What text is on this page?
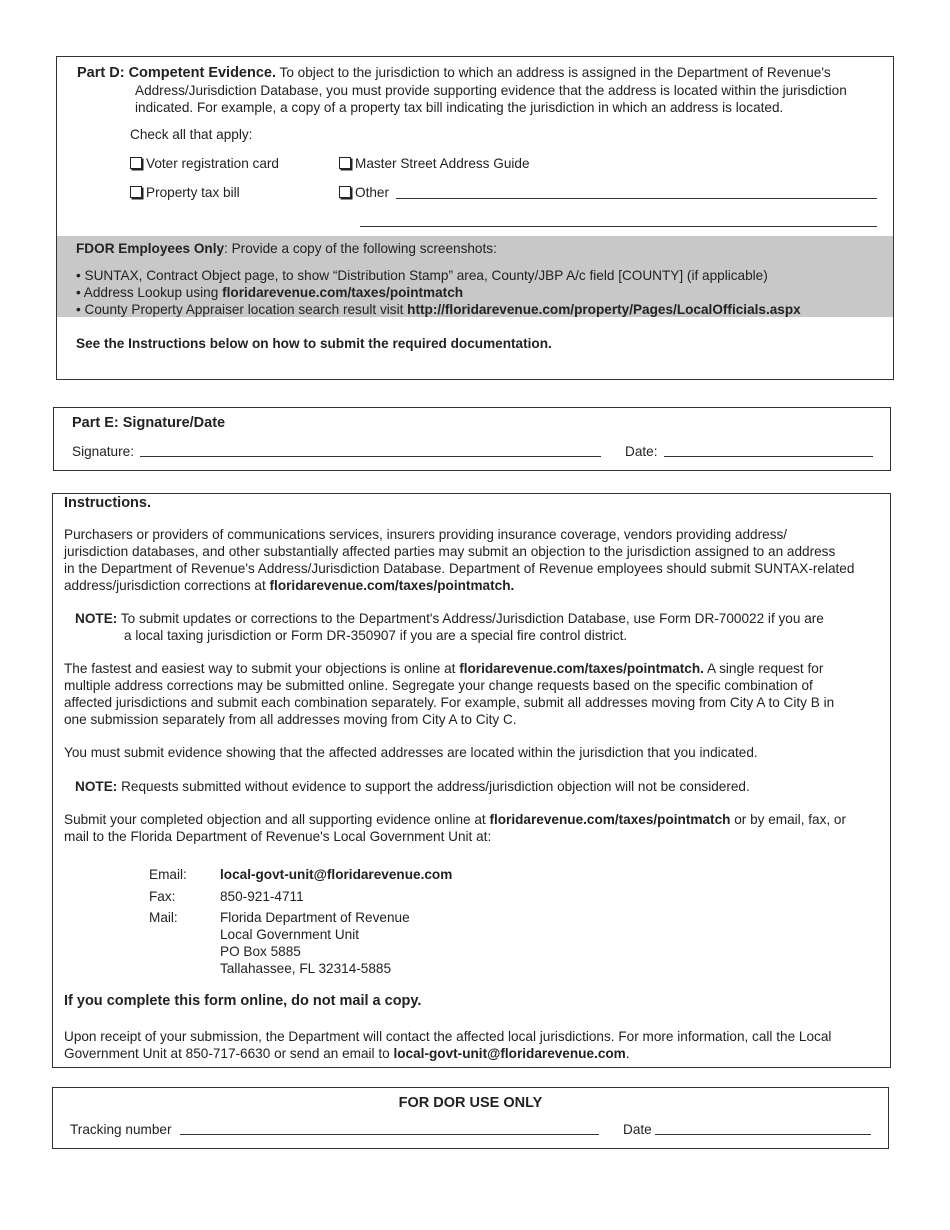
Part D: Competent Evidence. To object to the jurisdiction to which an address is assigned in the Department of Revenue's

Address/Jurisdiction Database, you must provide supporting evidence that the address is located within the jurisdiction

indicated. For example, a copy of a property tax bill indicating the jurisdiction in which an address is located.

Check all that apply:
Voter registration card	Master Street Address Guide
Property tax bill	Other
FDOR Employees Only: Provide a copy of the following screenshots:

• SUNTAX, Contract Object page, to show “Distribution Stamp” area, County/JBP A/c field [COUNTY] (if applicable)

• Address Lookup using floridarevenue.com/taxes/pointmatch

• County Property Appraiser location search result visit http://floridarevenue.com/property/Pages/LocalOfficials.aspx

See the Instructions below on how to submit the required documentation.
Part E: Signature/Date
Signature:	Date:
Instructions.

Purchasers or providers of communications services, insurers providing insurance coverage, vendors providing address/

jurisdiction databases, and other substantially affected parties may submit an objection to the jurisdiction assigned to an address

in the Department of Revenue's Address/Jurisdiction Database. Department of Revenue employees should submit SUNTAX-related

address/jurisdiction corrections at floridarevenue.com/taxes/pointmatch.

NOTE: To submit updates or corrections to the Department's Address/Jurisdiction Database, use Form DR-700022 if you are

a local taxing jurisdiction or Form DR-350907 if you are a special fire control district.

The fastest and easiest way to submit your objections is online at floridarevenue.com/taxes/pointmatch. A single request for

multiple address corrections may be submitted online. Segregate your change requests based on the specific combination of

affected jurisdictions and submit each combination separately. For example, submit all addresses moving from City A to City B in

one submission separately from all addresses moving from City A to City C.

You must submit evidence showing that the affected addresses are located within the jurisdiction that you indicated.
NOTE: Requests submitted without evidence to support the address/jurisdiction objection will not be considered.

Submit your completed objection and all supporting evidence online at floridarevenue.com/taxes/pointmatch or by email, fax, or

mail to the Florida Department of Revenue's Local Government Unit at:

Email: local-govt-unit@floridarevenue.com
Fax:	850-921-4711
Mail:	Florida Department of Revenue

Local Government Unit

PO Box 5885

Tallahassee, FL 32314-5885

If you complete this form online, do not mail a copy.

Upon receipt of your submission, the Department will contact the affected local jurisdictions. For more information, call the Local

Government Unit at 850-717-6630 or send an email to local-govt-unit@floridarevenue.com.

FOR DOR USE ONLY
Tracking number	Date
